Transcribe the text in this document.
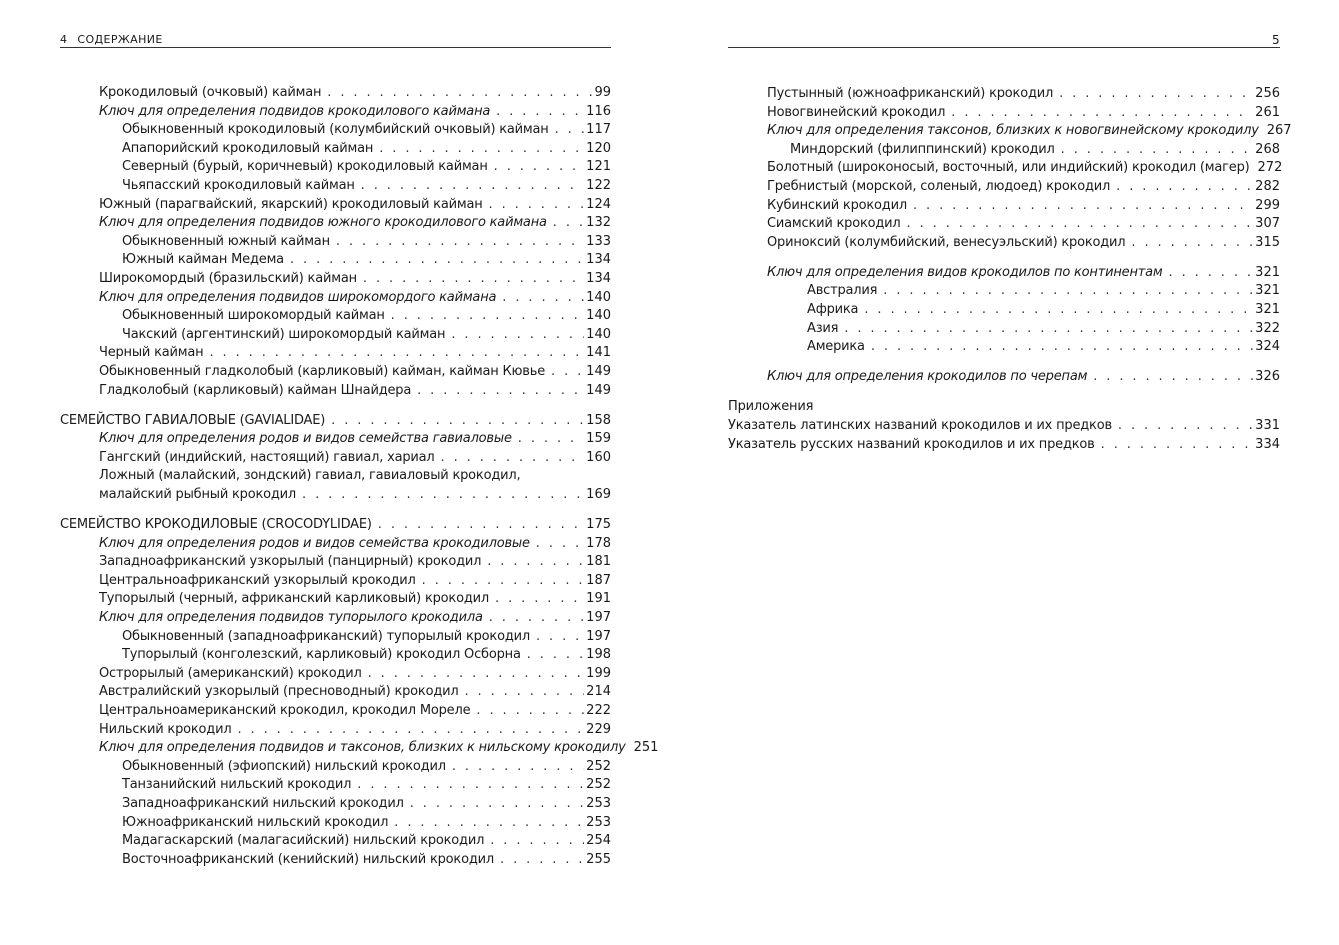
4 СОДЕРЖАНИЕ
Крокодиловый (очковый) кайман . . .	99
Ключ для определения подвидов крокодилового каймана . . .	116
Обыкновенный крокодиловый (колумбийский очковый) кайман . . .	117
Апапорийский крокодиловый кайман . . .	120
Северный (бурый, коричневый) крокодиловый кайман . . .	121
Чьяпасский крокодиловый кайман . . .	122
Южный (парагвайский, якарский) крокодиловый кайман . . .	124
Ключ для определения подвидов южного крокодилового каймана . . .	132
Обыкновенный южный кайман . . .	133
Южный кайман Медема . . .	134
Широкомордый (бразильский) кайман . . .	134
Ключ для определения подвидов широкомордого каймана . . .	140
Обыкновенный широкомордый кайман . . .	140
Чакский (аргентинский) широкомордый кайман . . .	140
Черный кайман . . .	141
Обыкновенный гладколобый (карликовый) кайман, кайман Кювье . . .	149
Гладколобый (карликовый) кайман Шнайдера . . .	149
СЕМЕЙСТВО ГАВИАЛОВЫЕ (GAVIALIDAE) . . .	158
Ключ для определения родов и видов семейства гавиаловые . . .	159
Гангский (индийский, настоящий) гавиал, хариал . . .	160
Ложный (малайский, зондский) гавиал, гавиаловый крокодил,
малайский рыбный крокодил . . .	169
СЕМЕЙСТВО КРОКОДИЛОВЫЕ (CROCODYLIDAE) . . .	175
Ключ для определения родов и видов семейства крокодиловые . . .	178
Западноафриканский узкорылый (панцирный) крокодил . . .	181
Центральноафриканский узкорылый крокодил . . .	187
Тупорылый (черный, африканский карликовый) крокодил . . .	191
Ключ для определения подвидов тупорылого крокодила . . .	197
Обыкновенный (западноафриканский) тупорылый крокодил . . .	197
Тупорылый (конголезский, карликовый) крокодил Осборна . . .	198
Острорылый (американский) крокодил . . .	199
Австралийский узкорылый (пресноводный) крокодил . . .	214
Центральноамериканский крокодил, крокодил Мореле . . .	222
Нильский крокодил . . .	229
Ключ для определения подвидов и таксонов, близких к нильскому крокодилу 251
Обыкновенный (эфиопский) нильский крокодил . . .	252
Танзанийский нильский крокодил . . .	252
Западноафриканский нильский крокодил . . .	253
Южноафриканский нильский крокодил . . .	253
Мадагаскарский (малагасийский) нильский крокодил . . .	254
Восточноафриканский (кенийский) нильский крокодил . . .	255
5
Пустынный (южноафриканский) крокодил . . .	256
Новогвинейский крокодил . . .	261
Ключ для определения таксонов, близких к новогвинейскому крокодилу 267
Миндорский (филиппинский) крокодил . . .	268
Болотный (широконосый, восточный, или индийский) крокодил (магер) 272
Гребнистый (морской, соленый, людоед) крокодил . . .	282
Кубинский крокодил . . .	299
Сиамский крокодил . . .	307
Ориноксий (колумбийский, венесуэльский) крокодил . . .	315
Ключ для определения видов крокодилов по континентам . . .	321
Австралия . . .	321
Африка . . .	321
Азия . . .	322
Америка . . .	324
Ключ для определения крокодилов по черепам . . .	326
Приложения
Указатель латинских названий крокодилов и их предков . . .	331
Указатель русских названий крокодилов и их предков . . .	334
